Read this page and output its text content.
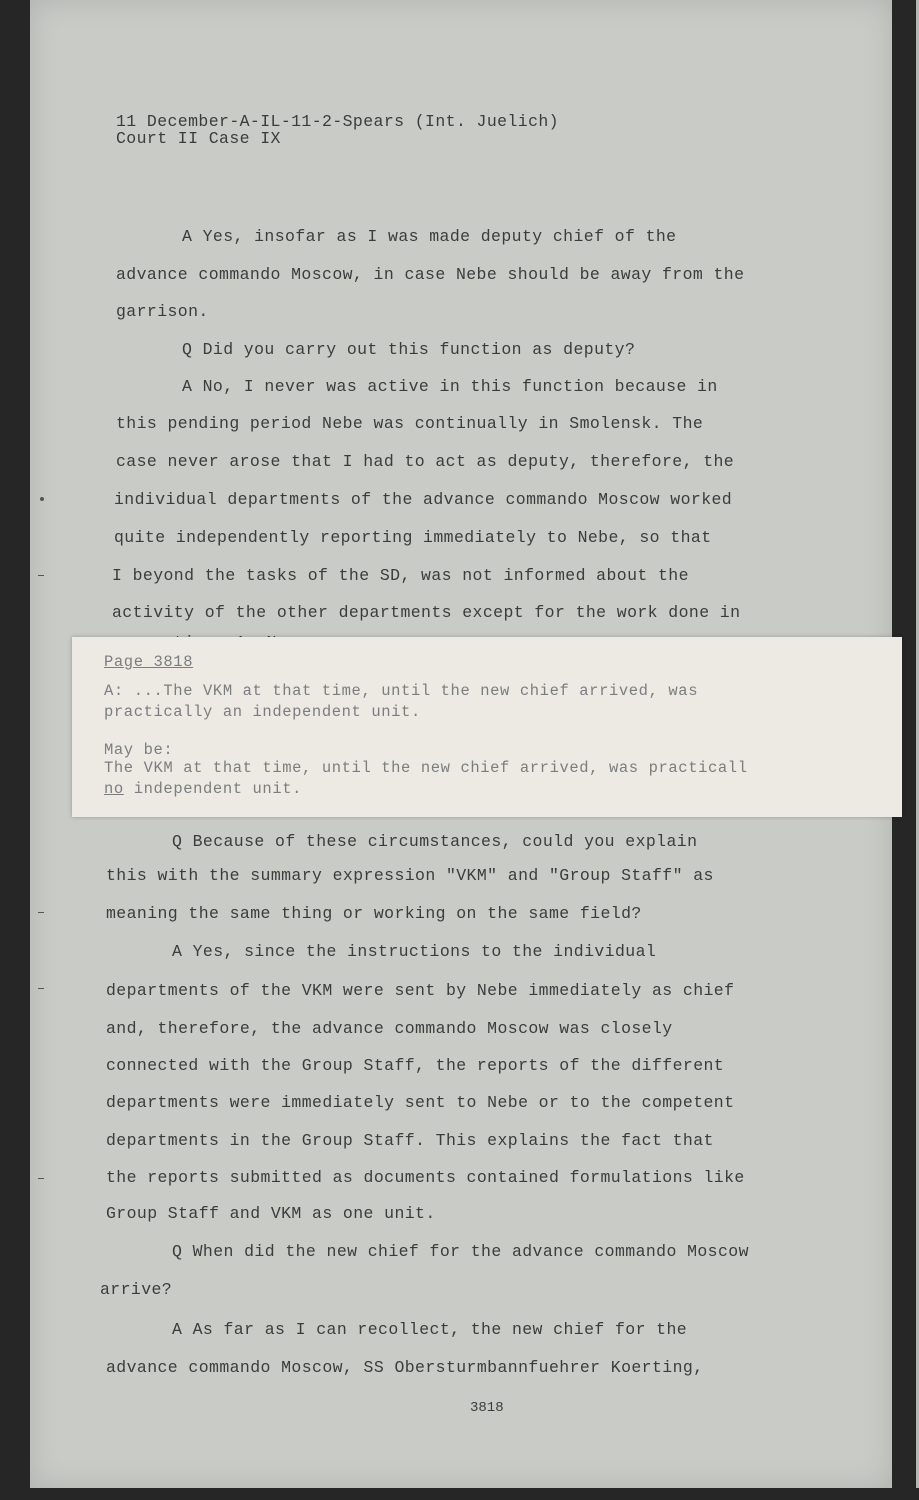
11 December-A-IL-11-2-Spears (Int. Juelich)
Court II Case IX
A Yes, insofar as I was made deputy chief of the
advance commando Moscow, in case Nebe should be away from the
garrison.
Q Did you carry out this function as deputy?
A No, I never was active in this function because in
this pending period Nebe was continually in Smolensk. The
case never arose that I had to act as deputy, therefore, the
individual departments of the advance commando Moscow worked
quite independently reporting immediately to Nebe, so that
I beyond the tasks of the SD, was not informed about the
activity of the other departments except for the work done in
Q Because of these circumstances, could you explain
this with the summary expression "VKM" and "Group Staff" as
meaning the same thing or working on the same field?
A Yes, since the instructions to the individual
departments of the VKM were sent by Nebe immediately as chief
and, therefore, the advance commando Moscow was closely
connected with the Group Staff, the reports of the different
departments were immediately sent to Nebe or to the competent
departments in the Group Staff. This explains the fact that
the reports submitted as documents contained formulations like
Group Staff and VKM as one unit.
Q When did the new chief for the advance commando Moscow
arrive?
A As far as I can recollect, the new chief for the
advance commando Moscow, SS Obersturmbannfuehrer Koerting,
3818
Page 3818
A: ...The VKM at that time, until the new chief arrived, was
practically an independent unit.
May be:
The VKM at that time, until the new chief arrived, was practicall
no independent unit.
